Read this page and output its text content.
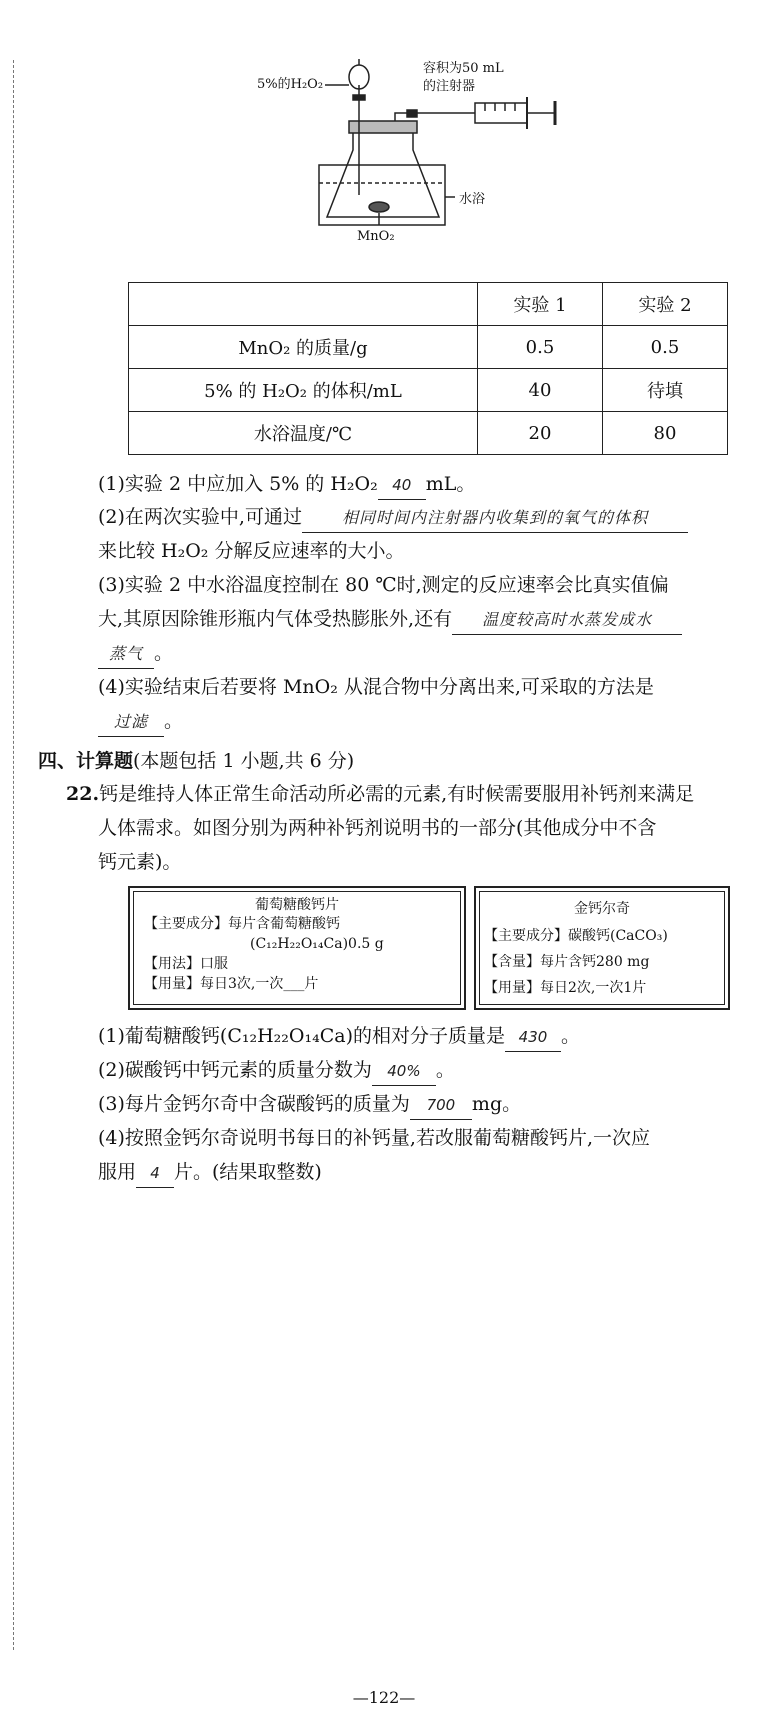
5%的H₂O₂
容积为50 mL
的注射器
水浴
MnO₂
	实验 1	实验 2
MnO₂ 的质量/g	0.5	0.5
5% 的 H₂O₂ 的体积/mL	40	待填
水浴温度/℃	20	80
(1)实验 2 中应加入 5% 的 H₂O₂ 40 mL。
(2)在两次实验中,可通过 相同时间内注射器内收集到的氧气的体积
来比较 H₂O₂ 分解反应速率的大小。
(3)实验 2 中水浴温度控制在 80 ℃时,测定的反应速率会比真实值偏
大,其原因除锥形瓶内气体受热膨胀外,还有 温度较高时水蒸发成水
蒸气 。
(4)实验结束后若要将 MnO₂ 从混合物中分离出来,可采取的方法是
过滤 。
四、计算题(本题包括 1 小题,共 6 分)
22.钙是维持人体正常生命活动所必需的元素,有时候需要服用补钙剂来满足
人体需求。如图分别为两种补钙剂说明书的一部分(其他成分中不含
钙元素)。
葡萄糖酸钙片
【主要成分】每片含葡萄糖酸钙
(C₁₂H₂₂O₁₄Ca)0.5 g
【用法】口服
【用量】每日3次,一次___片
金钙尔奇
【主要成分】碳酸钙(CaCO₃)
【含量】每片含钙280 mg
【用量】每日2次,一次1片
(1)葡萄糖酸钙(C₁₂H₂₂O₁₄Ca)的相对分子质量是 430 。
(2)碳酸钙中钙元素的质量分数为 40% 。
(3)每片金钙尔奇中含碳酸钙的质量为 700 mg。
(4)按照金钙尔奇说明书每日的补钙量,若改服葡萄糖酸钙片,一次应
服用 4 片。(结果取整数)
—122—
